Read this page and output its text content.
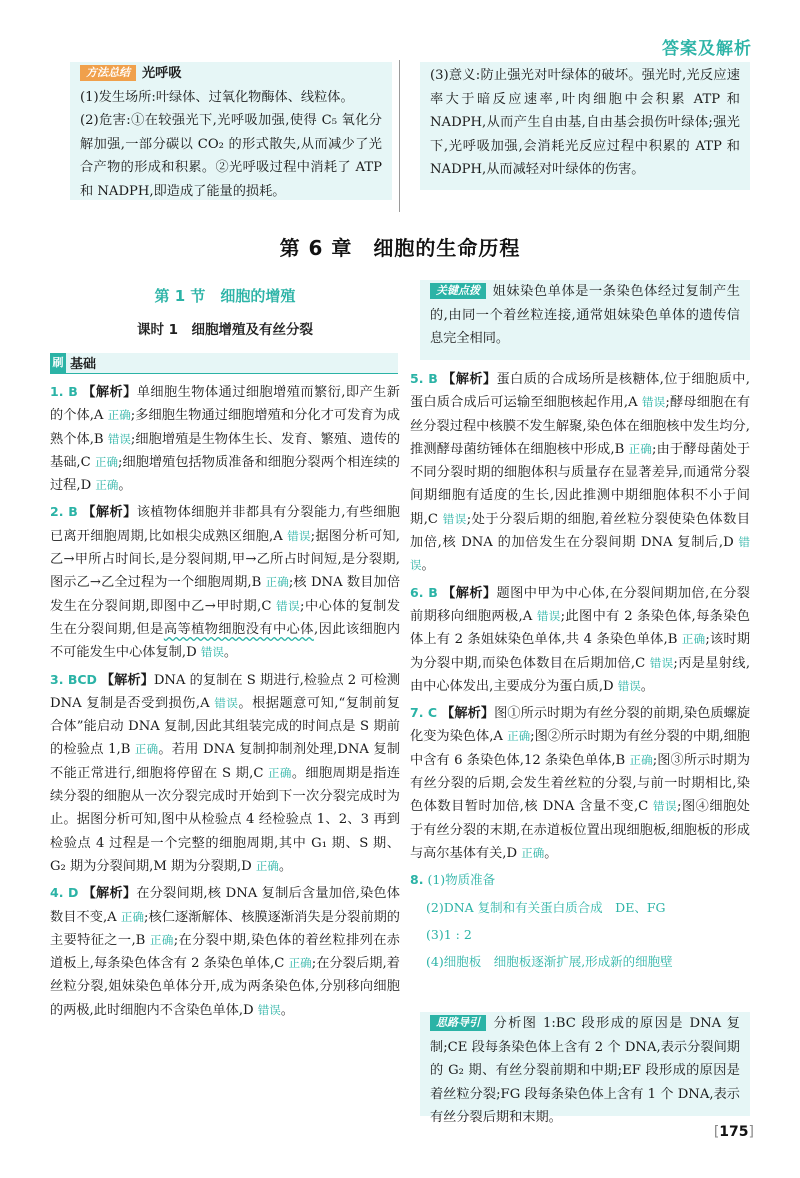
答案及解析

方法总结 光呼吸

(1)发生场所:叶绿体、过氧化物酶体、线粒体。

(2)危害:①在较强光下,光呼吸加强,使得 C₅ 氧化分解加强,一部分碳以 CO₂ 的形式散失,从而减少了光合产物的形成和积累。②光呼吸过程中消耗了 ATP 和 NADPH,即造成了能量的损耗。

(3)意义:防止强光对叶绿体的破坏。强光时,光反应速率大于暗反应速率,叶肉细胞中会积累 ATP 和 NADPH,从而产生自由基,自由基会损伤叶绿体;强光下,光呼吸加强,会消耗光反应过程中积累的 ATP 和 NADPH,从而减轻对叶绿体的伤害。

第 6 章　细胞的生命历程
第 1 节　细胞的增殖
课时 1　细胞增殖及有丝分裂
刷 基础

1. B 【解析】单细胞生物体通过细胞增殖而繁衍,即产生新的个体,A 正确;多细胞生物通过细胞增殖和分化才可发育为成熟个体,B 错误;细胞增殖是生物体生长、发育、繁殖、遗传的基础,C 正确;细胞增殖包括物质准备和细胞分裂两个相连续的过程,D 正确。

2. B 【解析】该植物体细胞并非都具有分裂能力,有些细胞已离开细胞周期,比如根尖成熟区细胞,A 错误;据图分析可知,乙→甲所占时间长,是分裂间期,甲→乙所占时间短,是分裂期,图示乙→乙全过程为一个细胞周期,B 正确;核 DNA 数目加倍发生在分裂间期,即图中乙→甲时期,C 错误;中心体的复制发生在分裂间期,但是高等植物细胞没有中心体,因此该细胞内不可能发生中心体复制,D 错误。

3. BCD 【解析】DNA 的复制在 S 期进行,检验点 2 可检测 DNA 复制是否受到损伤,A 错误。根据题意可知,“复制前复合体”能启动 DNA 复制,因此其组装完成的时间点是 S 期前的检验点 1,B 正确。若用 DNA 复制抑制剂处理,DNA 复制不能正常进行,细胞将停留在 S 期,C 正确。细胞周期是指连续分裂的细胞从一次分裂完成时开始到下一次分裂完成时为止。据图分析可知,图中从检验点 4 经检验点 1、2、3 再到检验点 4 过程是一个完整的细胞周期,其中 G₁ 期、S 期、G₂ 期为分裂间期,M 期为分裂期,D 正确。

4. D 【解析】在分裂间期,核 DNA 复制后含量加倍,染色体数目不变,A 正确;核仁逐渐解体、核膜逐渐消失是分裂前期的主要特征之一,B 正确;在分裂中期,染色体的着丝粒排列在赤道板上,每条染色体含有 2 条染色单体,C 正确;在分裂后期,着丝粒分裂,姐妹染色单体分开,成为两条染色体,分别移向细胞的两极,此时细胞内不含染色单体,D 错误。

关键点拨 姐妹染色单体是一条染色体经过复制产生的,由同一个着丝粒连接,通常姐妹染色单体的遗传信息完全相同。

5. B 【解析】蛋白质的合成场所是核糖体,位于细胞质中,蛋白质合成后可运输至细胞核起作用,A 错误;酵母细胞在有丝分裂过程中核膜不发生解聚,染色体在细胞核中发生均分,推测酵母菌纺锤体在细胞核中形成,B 正确;由于酵母菌处于不同分裂时期的细胞体积与质量存在显著差异,而通常分裂间期细胞有适度的生长,因此推测中期细胞体积不小于间期,C 错误;处于分裂后期的细胞,着丝粒分裂使染色体数目加倍,核 DNA 的加倍发生在分裂间期 DNA 复制后,D 错误。

6. B 【解析】题图中甲为中心体,在分裂间期加倍,在分裂前期移向细胞两极,A 错误;此图中有 2 条染色体,每条染色体上有 2 条姐妹染色单体,共 4 条染色单体,B 正确;该时期为分裂中期,而染色体数目在后期加倍,C 错误;丙是星射线,由中心体发出,主要成分为蛋白质,D 错误。

7. C 【解析】图①所示时期为有丝分裂的前期,染色质螺旋化变为染色体,A 正确;图②所示时期为有丝分裂的中期,细胞中含有 6 条染色体,12 条染色单体,B 正确;图③所示时期为有丝分裂的后期,会发生着丝粒的分裂,与前一时期相比,染色体数目暂时加倍,核 DNA 含量不变,C 错误;图④细胞处于有丝分裂的末期,在赤道板位置出现细胞板,细胞板的形成与高尔基体有关,D 正确。

8. (1)物质准备

(2)DNA 复制和有关蛋白质合成　DE、FG

(3)1 : 2

(4)细胞板　细胞板逐渐扩展,形成新的细胞壁

思路导引 分析图 1:BC 段形成的原因是 DNA 复制;CE 段每条染色体上含有 2 个 DNA,表示分裂间期的 G₂ 期、有丝分裂前期和中期;EF 段形成的原因是着丝粒分裂;FG 段每条染色体上含有 1 个 DNA,表示有丝分裂后期和末期。

[175]
